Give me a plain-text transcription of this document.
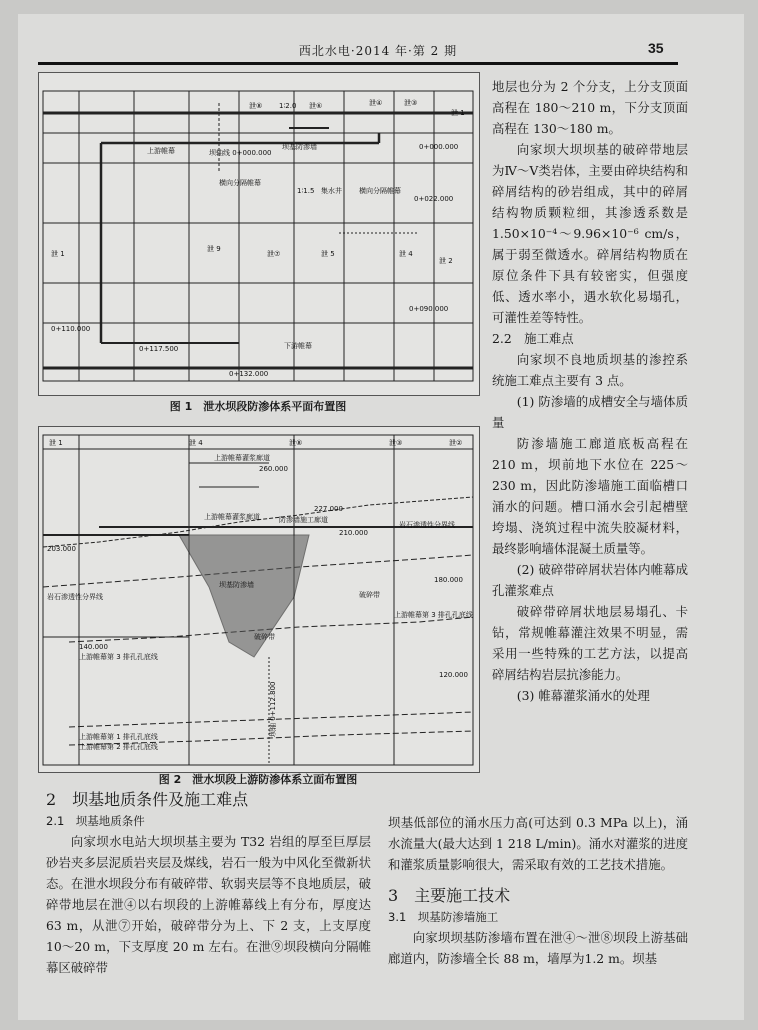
西北水电·2014 年·第 2 期	35
泄⑧ 1∶2.0 泄⑥	泄④	泄③
泄 1
上游帷幕	坝轴线 0+000.000
坝基防渗墙	0+000.000
0+022.000
横向分隔帷幕
1∶1.5 集水井 横向分隔帷幕
泄 9
泄⑦	泄 5	泄 4
泄 2
泄 1
0+090.000
0+110.000
0+117.500	下游帷幕
0+132.000
图 1　泄水坝段防渗体系平面布置图
泄 1	泄 4	泄⑧	泄③	泄②
上游帷幕灌浆廊道
260.000
227.000
上游帷幕灌浆廊道	防渗墙施工廊道
210.000
203.000
岩石渗透性分界线
坝基防渗墙
180.000
岩石渗透性分界线	破碎带
破碎带
上游帷幕第 3 排孔孔底线
140.000
上游帷幕第 3 排孔孔底线
120.000
上游帷幕第 1 排孔孔底线
上游帷幕第 2 排孔孔底线
坝轴 0+112.800
图 2　泄水坝段上游防渗体系立面布置图

地层也分为 2 个分支，上分支顶面高程在 180～210 m，下分支顶面高程在 130～180 m。

向家坝大坝坝基的破碎带地层为Ⅳ～Ⅴ类岩体，主要由碎块结构和碎屑结构的砂岩组成，其中的碎屑结构物质颗粒细，其渗透系数是 1.50×10⁻⁴～9.96×10⁻⁶ cm/s，属于弱至微透水。碎屑结构物质在原位条件下具有较密实，但强度低、透水率小，遇水软化易塌孔，可灌性差等特性。

2.2　施工难点

向家坝不良地质坝基的渗控系统施工难点主要有 3 点。

(1) 防渗墙的成槽安全与墙体质量

防渗墙施工廊道底板高程在 210 m，坝前地下水位在 225～230 m，因此防渗墙施工面临槽口涌水的问题。槽口涌水会引起槽壁垮塌、浇筑过程中流失胶凝材料，最终影响墙体混凝土质量等。

(2) 破碎带碎屑状岩体内帷幕成孔灌浆难点

破碎带碎屑状地层易塌孔、卡钻，常规帷幕灌注效果不明显，需采用一些特殊的工艺方法，以提高碎屑结构岩层抗渗能力。

(3) 帷幕灌浆涌水的处理

2　坝基地质条件及施工难点

2.1　坝基地质条件

向家坝水电站大坝坝基主要为 T32 岩组的厚至巨厚层砂岩夹多层泥质岩夹层及煤线，岩石一般为中风化至微新状态。在泄水坝段分布有破碎带、软弱夹层等不良地质层，破碎带地层在泄④以右坝段的上游帷幕线上有分布，厚度达 63 m，从泄⑦开始，破碎带分为上、下 2 支，上支厚度 10～20 m，下支厚度 20 m 左右。在泄⑨坝段横向分隔帷幕区破碎带

坝基低部位的涌水压力高(可达到 0.3 MPa 以上)，涌水流量大(最大达到 1 218 L/min)。涌水对灌浆的进度和灌浆质量影响很大，需采取有效的工艺技术措施。

3　主要施工技术

3.1　坝基防渗墙施工

向家坝坝基防渗墙布置在泄④～泄⑧坝段上游基础廊道内，防渗墙全长 88 m，墙厚为1.2 m。坝基
